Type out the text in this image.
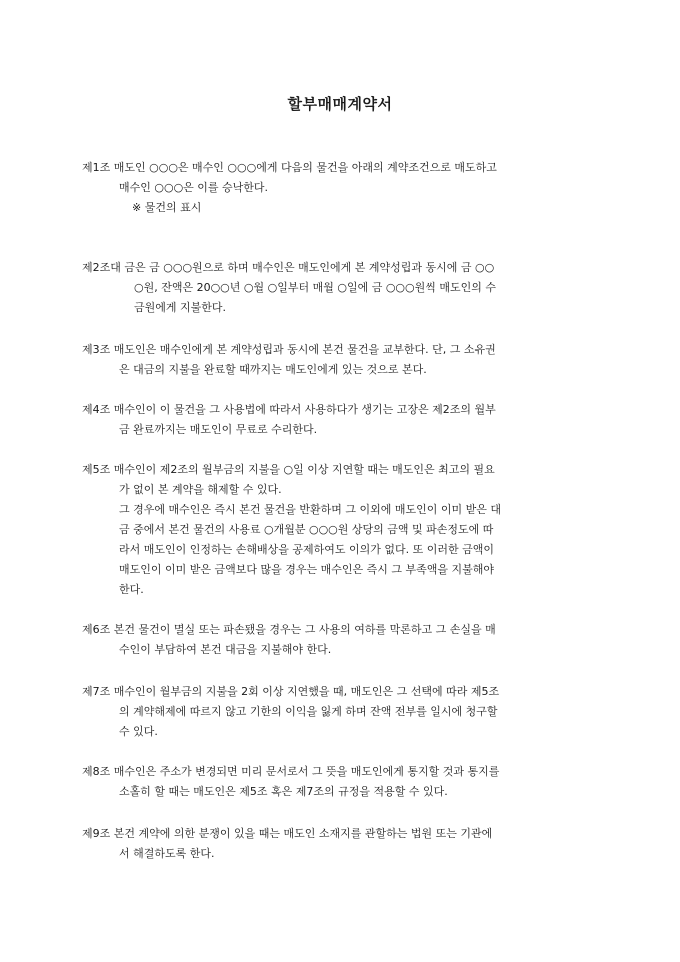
할부매매계약서
제1조 매도인 ○○○은 매수인 ○○○에게 다음의 물건을 아래의 계약조건으로 매도하고
매수인 ○○○은 이를 승낙한다.
※ 물건의 표시
제2조대 금은 금 ○○○원으로 하며 매수인은 매도인에게 본 계약성립과 동시에 금 ○○
○원, 잔액은 20○○년 ○월 ○일부터 매월 ○일에 금 ○○○원씩 매도인의 수
금원에게 지불한다.
제3조 매도인은 매수인에게 본 계약성립과 동시에 본건 물건을 교부한다. 단, 그 소유권
은 대금의 지불을 완료할 때까지는 매도인에게 있는 것으로 본다.
제4조 매수인이 이 물건을 그 사용법에 따라서 사용하다가 생기는 고장은 제2조의 월부
금 완료까지는 매도인이 무료로 수리한다.
제5조 매수인이 제2조의 월부금의 지불을 ○일 이상 지연할 때는 매도인은 최고의 필요
가 없이 본 계약을 해제할 수 있다.
그 경우에 매수인은 즉시 본건 물건을 반환하며 그 이외에 매도인이 이미 받은 대
금 중에서 본건 물건의 사용료 ○개월분 ○○○원 상당의 금액 및 파손정도에 따
라서 매도인이 인정하는 손해배상을 공제하여도 이의가 없다. 또 이러한 금액이
매도인이 이미 받은 금액보다 많을 경우는 매수인은 즉시 그 부족액을 지불해야
한다.
제6조 본건 물건이 멸실 또는 파손됐을 경우는 그 사용의 여하를 막론하고 그 손실을 매
수인이 부담하여 본건 대금을 지불해야 한다.
제7조 매수인이 월부금의 지불을 2회 이상 지연했을 때, 매도인은 그 선택에 따라 제5조
의 계약해제에 따르지 않고 기한의 이익을 잃게 하며 잔액 전부를 일시에 청구할
수 있다.
제8조 매수인은 주소가 변경되면 미리 문서로서 그 뜻을 매도인에게 통지할 것과 통지를
소홀히 할 때는 매도인은 제5조 혹은 제7조의 규정을 적용할 수 있다.
제9조 본건 계약에 의한 분쟁이 있을 때는 매도인 소재지를 관할하는 법원 또는 기관에
서 해결하도록 한다.
